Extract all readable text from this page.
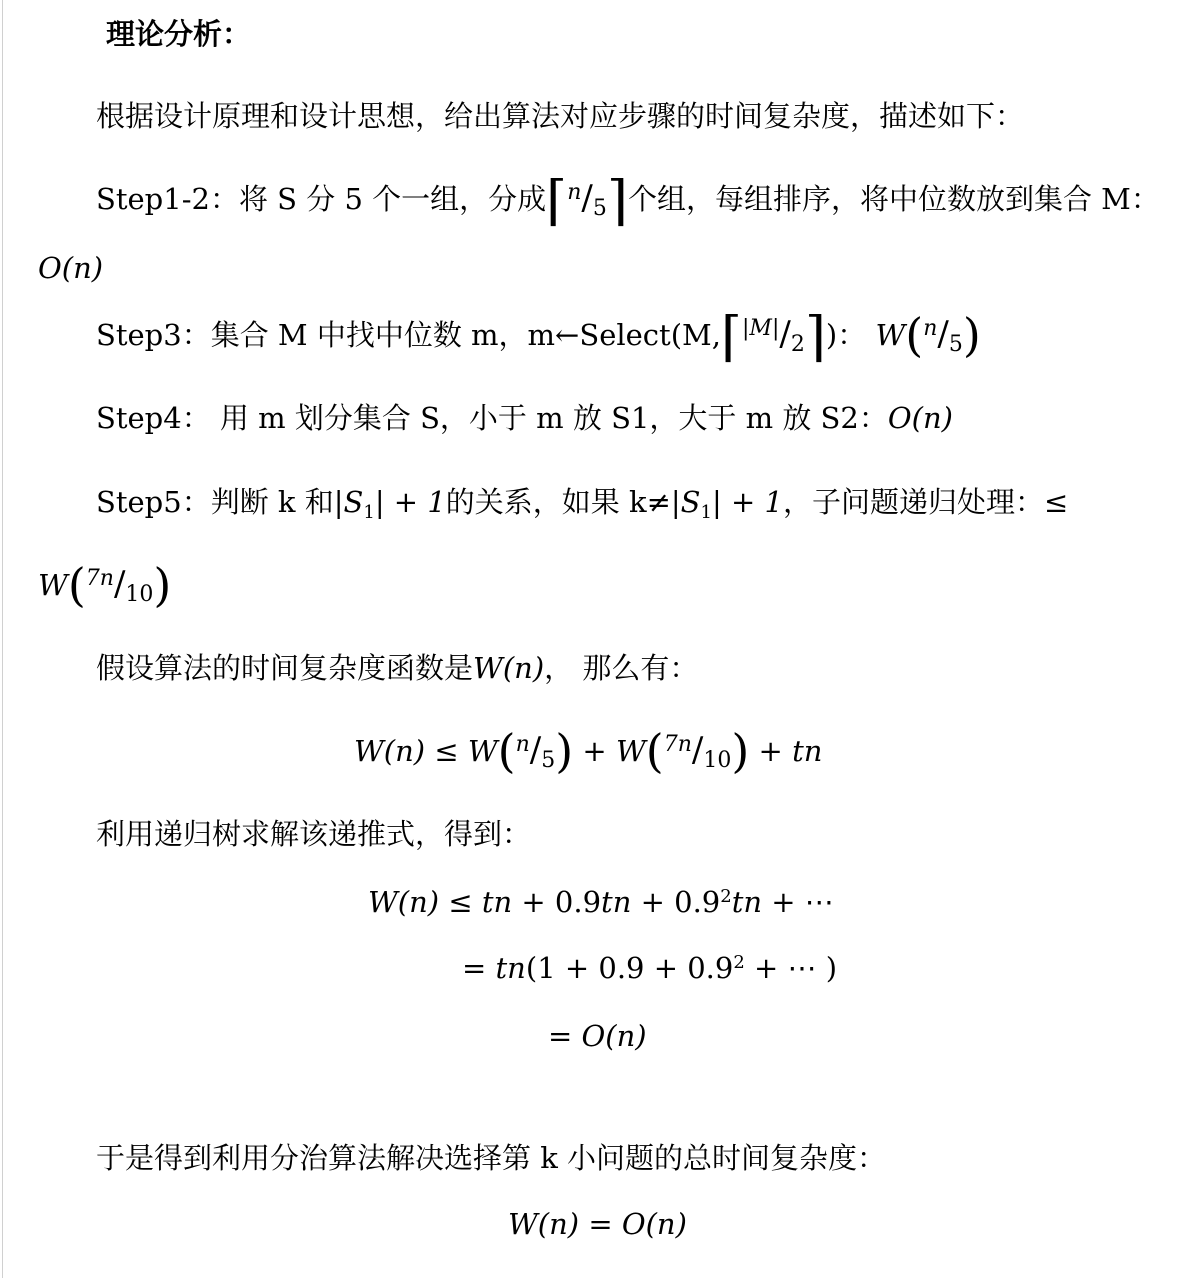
理论分析：
根据设计原理和设计思想，给出算法对应步骤的时间复杂度，描述如下：
Step1-2：将 S 分 5 个一组，分成$⌈^n/_5⌉$个组，每组排序，将中位数放到集合 M：
O(n)
Step3：集合 M 中找中位数 m，$m\leftarrow Select(M,⌈^{|M|}/_2⌉)$： $W(^n/_5)$
Step4： 用 m 划分集合 S，小于 m 放 S1，大于 m 放 S2：O(n)
Step5：判断 k 和$|S_1| + 1$的关系，如果 $k\ne|S_1| + 1$，子问题递归处理：≤
$W(^{7n}/_{10})$
假设算法的时间复杂度函数是W(n)， 那么有：
$W(n) \le W(^n/_5) + W(^{7n}/_{10})$ + tn
利用递归树求解该递推式，得到：
W(n) ≤ tn + $0.9tn + 0.9^2tn$ + ⋯
= $tn(1 + 0.9 + 0.9^2$ + ⋯ )
= O(n)
于是得到利用分治算法解决选择第 k 小问题的总时间复杂度：
W(n) = O(n)
